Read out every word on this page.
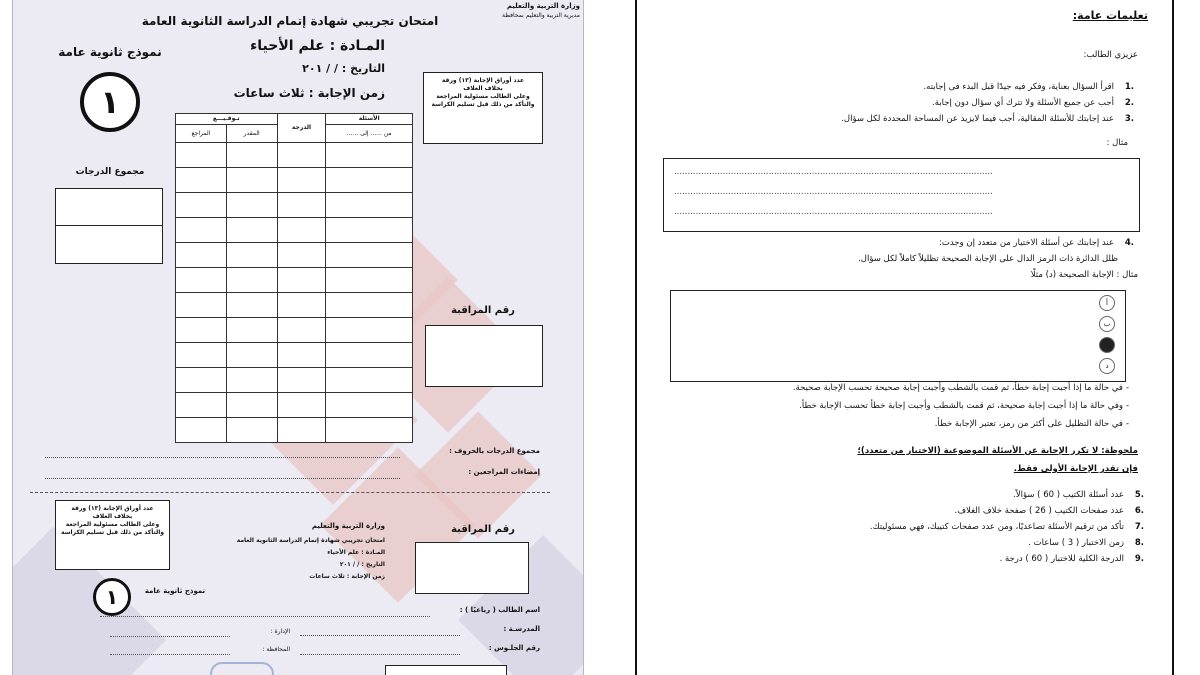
وزارة التربية والتعليم
مديرية التربية والتعليم بمحافظة
امتحان تجريبي شهادة إتمام الدراسة الثانوية العامة
المـادة : علم الأحياء
التاريخ : / / ٢٠١
زمن الإجابة : ثلاث ساعات
نموذج ثانوية عامة
١
عدد أوراق الإجابة (١٣) ورقة
بخلاف الغلاف
وعلى الطالب مسئولية المراجعة
والتأكد من ذلك قبل تسليم الكراسة
مجموع الدرجات
تـوقـيـــع		الدرجة	الأسئلة
المراجع	المقدر		من ...... إلى ......

رقم المراقبة
مجموع الدرجات بالحروف :
إمضاءات المراجعين :
عدد أوراق الإجابة (١٣) ورقة
بخلاف الغلاف
وعلى الطالب مسئولية المراجعة
والتأكد من ذلك قبل تسليم الكراسة
١	نموذج ثانوية عامة
وزارة التربية والتعليم
امتحان تجريبي شهادة إتمام الدراسة الثانوية العامة
المـادة : علم الأحياء
التاريخ : / / ٢٠١
زمن الإجابة : ثلاث ساعات
رقم المراقبة
اسم الطالب ( رباعيًا ) :
المدرسـة :
الإدارة :
رقم الجلـوس :
المحافظة :
تعليمات عامة:
عزيزي الطالب:
اقرأ السؤال بعناية، وفكر فيه جيدًا قبل البدء فى إجابته.	1.
أجب عن جميع الأسئلة ولا تترك أي سؤال دون إجابة.	2.
عند إجابتك للأسئلة المقالية، أجب فيما لايزيد عن المساحة المحددة لكل سؤال.	3.
مثال :
......................................................................................................................
......................................................................................................................
......................................................................................................................
عند إجابتك عن أسئلة الاختيار من متعدد إن وجدت:	4.
ظلل الدائرة ذات الرمز الدال على الإجابة الصحيحة تظليلاً كاملاً لكل سؤال.
مثال : الإجابة الصحيحة (د) مثلًا
أ
ب
ج
د
في حالة ما إذا أجبت إجابة خطأ، ثم قمت بالشطب وأجبت إجابة صحيحة تحسب الإجابة صحيحة. -
وفي حالة ما إذا أجبت إجابة صحيحة، ثم قمت بالشطب وأجبت إجابة خطأ تحسب الإجابة خطأ. -
في حالة التظليل على أكثر من رمز، تعتبر الإجابة خطأ. -
ملحوظة: لا تكرر الإجابة عن الأسئلة الموضوعية (الاختيار من متعدد)؛
فإن تقدر الإجابة الأولى فقط.
عدد أسئلة الكتيب ( 60 ) سؤالاً.	5.
عدد صفحات الكتيب ( 26 ) صفحة خلاف الغلاف.	6.
تأكد من ترقيم الأسئلة تصاعديًا، ومن عدد صفحات كتيبك، فهي مسئوليتك.	7.
زمن الاختبار ( 3 ) ساعات .	8.
الدرجة الكلية للاختبار ( 60 ) درجة .	9.
